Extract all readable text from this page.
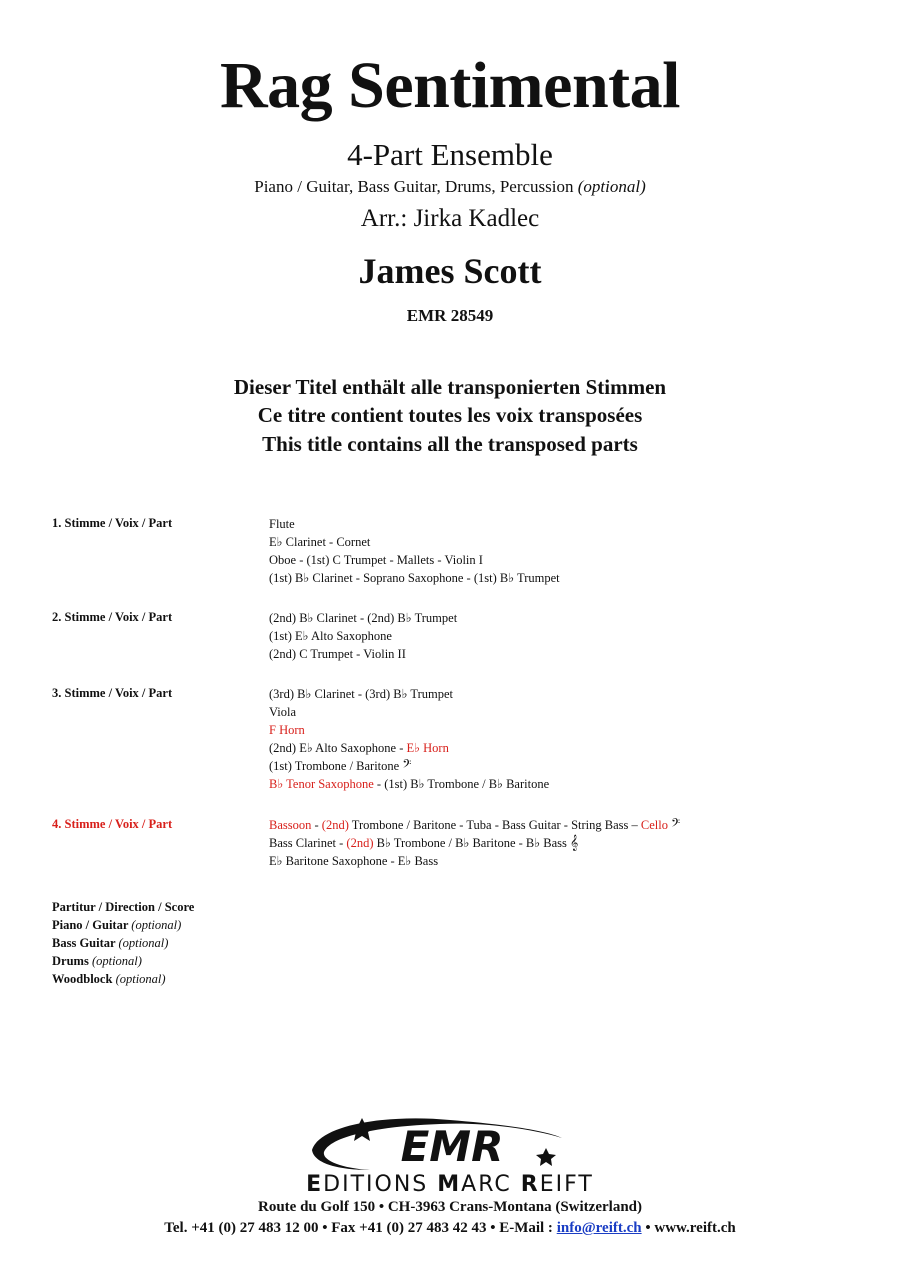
Rag Sentimental
4-Part Ensemble
Piano / Guitar, Bass Guitar, Drums, Percussion (optional)
Arr.: Jirka Kadlec
James Scott
EMR 28549
Dieser Titel enthält alle transponierten Stimmen
Ce titre contient toutes les voix transposées
This title contains all the transposed parts
1. Stimme / Voix / Part	Flute
E♭ Clarinet - Cornet
Oboe - (1st) C Trumpet - Mallets - Violin I
(1st) B♭ Clarinet - Soprano Saxophone - (1st) B♭ Trumpet
2. Stimme / Voix / Part	(2nd) B♭ Clarinet - (2nd) B♭ Trumpet
(1st) E♭ Alto Saxophone
(2nd) C Trumpet - Violin II
3. Stimme / Voix / Part	(3rd) B♭ Clarinet - (3rd) B♭ Trumpet
Viola
F Horn
(2nd) E♭ Alto Saxophone - E♭ Horn
(1st) Trombone / Baritone 𝄢
B♭ Tenor Saxophone - (1st) B♭ Trombone / B♭ Baritone
4. Stimme / Voix / Part	Bassoon - (2nd) Trombone / Baritone - Tuba - Bass Guitar - String Bass – Cello 𝄢
Bass Clarinet - (2nd) B♭ Trombone / B♭ Baritone - B♭ Bass 𝄞
E♭ Baritone Saxophone - E♭ Bass
Partitur / Direction / Score
Piano / Guitar (optional)
Bass Guitar (optional)
Drums (optional)
Woodblock (optional)
EMR
EDITIONS MARC REIFT
Route du Golf 150 • CH-3963 Crans-Montana (Switzerland)
Tel. +41 (0) 27 483 12 00 • Fax +41 (0) 27 483 42 43 • E-Mail : info@reift.ch • www.reift.ch
